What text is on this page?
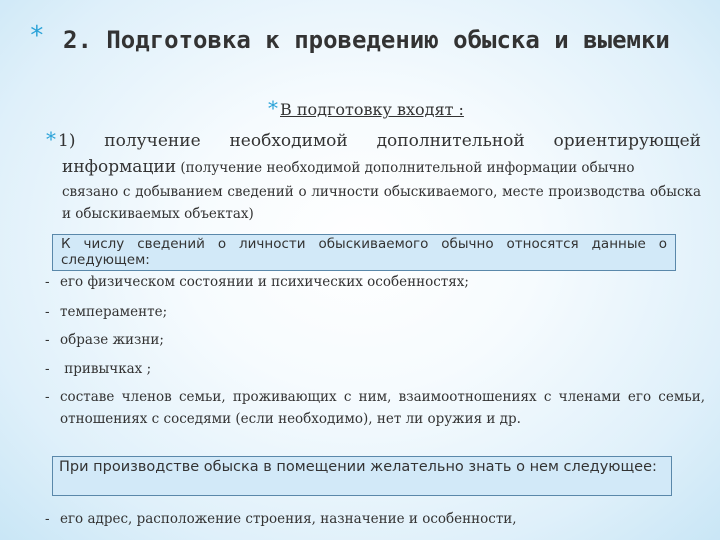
* 2. Подготовка к проведению обыска и выемки
* В подготовку входят :
* 1) получение необходимой дополнительной ориентирующей
информации (получение необходимой дополнительной информации обычно
связано с добыванием сведений о личности обыскиваемого, месте производства обыска и обыскиваемых объектах)
К числу сведений о личности обыскиваемого обычно относятся данные о следующем:
- его физическом состоянии и психических особенностях;
- темпераменте;
- образе жизни;
- привычках ;
- составе членов семьи, проживающих с ним, взаимоотношениях с членами его семьи, отношениях с соседями (если необходимо), нет ли оружия и др.
При производстве обыска в помещении желательно знать о нем следующее:
- его адрес, расположение строения, назначение и особенности,
